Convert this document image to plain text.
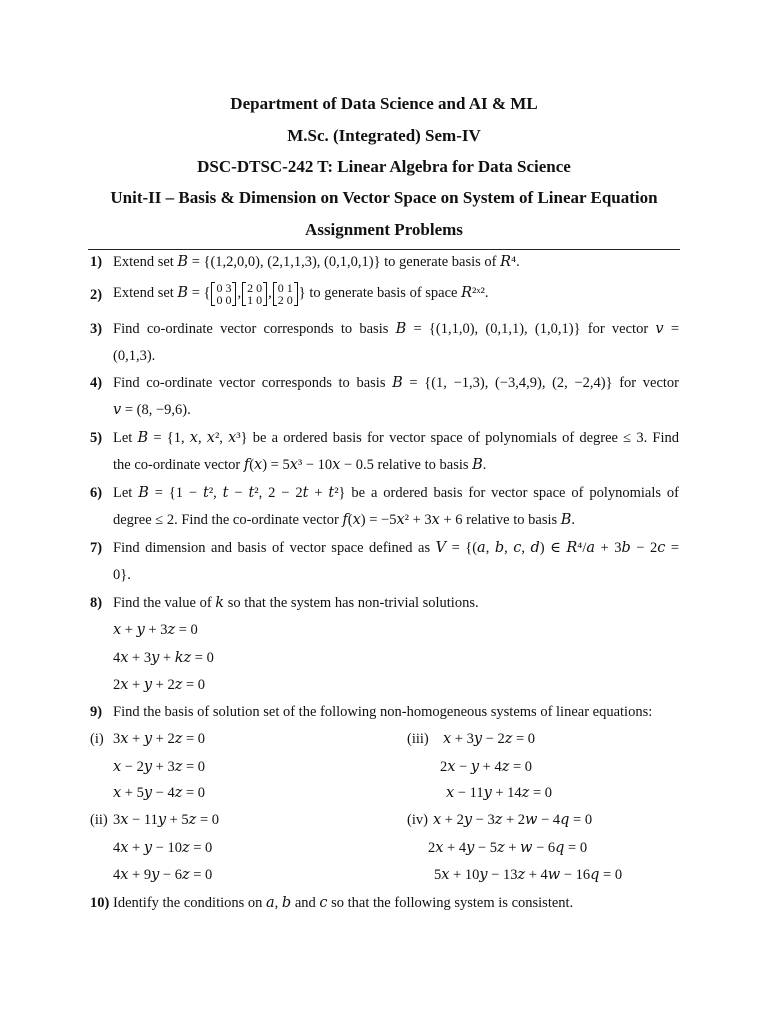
Department of Data Science and AI & ML
M.Sc. (Integrated) Sem-IV
DSC-DTSC-242 T: Linear Algebra for Data Science
Unit-II – Basis & Dimension on Vector Space on System of Linear Equation
Assignment Problems
1) Extend set 𝐵 = {(1,2,0,0), (2,1,1,3), (0,1,0,1)} to generate basis of 𝑅⁴.
2) Extend set 𝐵 = { 0 3
0 0 , 2 0
1 0 , 0 1
2 0 } to generate basis of space 𝑅²ˣ².
3) Find co-ordinate vector corresponds to basis 𝐵 = {(1,1,0), (0,1,1), (1,0,1)} for vector 𝑣 =
(0,1,3).
4) Find co-ordinate vector corresponds to basis 𝐵 = {(1, −1,3), (−3,4,9), (2, −2,4)} for vector
𝑣 = (8, −9,6).
5) Let 𝐵 = {1, 𝑥, 𝑥², 𝑥³} be a ordered basis for vector space of polynomials of degree ≤ 3. Find
the co-ordinate vector 𝑓(𝑥) = 5𝑥³ − 10𝑥 − 0.5 relative to basis 𝐵.
6) Let 𝐵 = {1 − 𝑡², 𝑡 − 𝑡², 2 − 2𝑡 + 𝑡²} be a ordered basis for vector space of polynomials of
degree ≤ 2. Find the co-ordinate vector 𝑓(𝑥) = −5𝑥² + 3𝑥 + 6 relative to basis 𝐵.
7) Find dimension and basis of vector space defined as 𝑉 = {(𝑎, 𝑏, 𝑐, 𝑑) ∈ 𝑅⁴/𝑎 + 3𝑏 − 2𝑐 =
0}.
8) Find the value of 𝑘 so that the system has non-trivial solutions.
𝑥 + 𝑦 + 3𝑧 = 0
4𝑥 + 3𝑦 + 𝑘𝑧 = 0
2𝑥 + 𝑦 + 2𝑧 = 0
9) Find the basis of solution set of the following non-homogeneous systems of linear equations:
(i) 3𝑥 + 𝑦 + 2𝑧 = 0
𝑥 − 2𝑦 + 3𝑧 = 0
𝑥 + 5𝑦 − 4𝑧 = 0
(iii) 𝑥 + 3𝑦 − 2𝑧 = 0
2𝑥 − 𝑦 + 4𝑧 = 0
𝑥 − 11𝑦 + 14𝑧 = 0
(ii) 3𝑥 − 11𝑦 + 5𝑧 = 0
4𝑥 + 𝑦 − 10𝑧 = 0
4𝑥 + 9𝑦 − 6𝑧 = 0
(iv) 𝑥 + 2𝑦 − 3𝑧 + 2𝑤 − 4𝑞 = 0
2𝑥 + 4𝑦 − 5𝑧 + 𝑤 − 6𝑞 = 0
5𝑥 + 10𝑦 − 13𝑧 + 4𝑤 − 16𝑞 = 0
10) Identify the conditions on 𝑎, 𝑏 and 𝑐 so that the following system is consistent.
